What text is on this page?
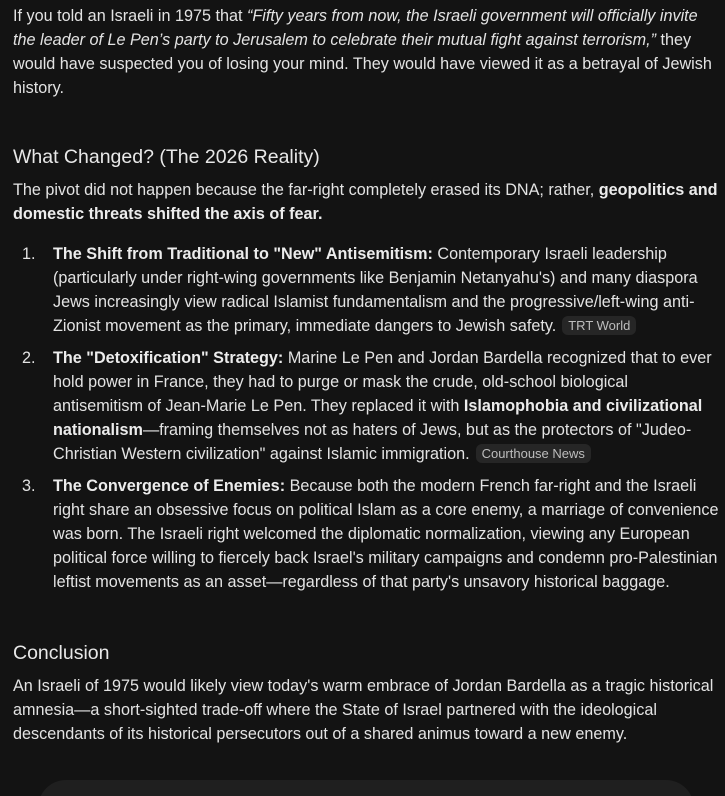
If you told an Israeli in 1975 that “Fifty years from now, the Israeli government will officially invite the leader of Le Pen’s party to Jerusalem to celebrate their mutual fight against terrorism,” they would have suspected you of losing your mind. They would have viewed it as a betrayal of Jewish history.

What Changed? (The 2026 Reality)

The pivot did not happen because the far-right completely erased its DNA; rather, geopolitics and domestic threats shifted the axis of fear.

1. The Shift from Traditional to "New" Antisemitism: Contemporary Israeli leadership (particularly under right-wing governments like Benjamin Netanyahu's) and many diaspora Jews increasingly view radical Islamist fundamentalism and the progressive/left-wing anti-Zionist movement as the primary, immediate dangers to Jewish safety. TRT World
2. The "Detoxification" Strategy: Marine Le Pen and Jordan Bardella recognized that to ever hold power in France, they had to purge or mask the crude, old-school biological antisemitism of Jean-Marie Le Pen. They replaced it with Islamophobia and civilizational nationalism—framing themselves not as haters of Jews, but as the protectors of "Judeo-Christian Western civilization" against Islamic immigration. Courthouse News
3. The Convergence of Enemies: Because both the modern French far-right and the Israeli right share an obsessive focus on political Islam as a core enemy, a marriage of convenience was born. The Israeli right welcomed the diplomatic normalization, viewing any European political force willing to fiercely back Israel's military campaigns and condemn pro-Palestinian leftist movements as an asset—regardless of that party's unsavory historical baggage.
Conclusion

An Israeli of 1975 would likely view today's warm embrace of Jordan Bardella as a tragic historical amnesia—a short-sighted trade-off where the State of Israel partnered with the ideological descendants of its historical persecutors out of a shared animus toward a new enemy.
